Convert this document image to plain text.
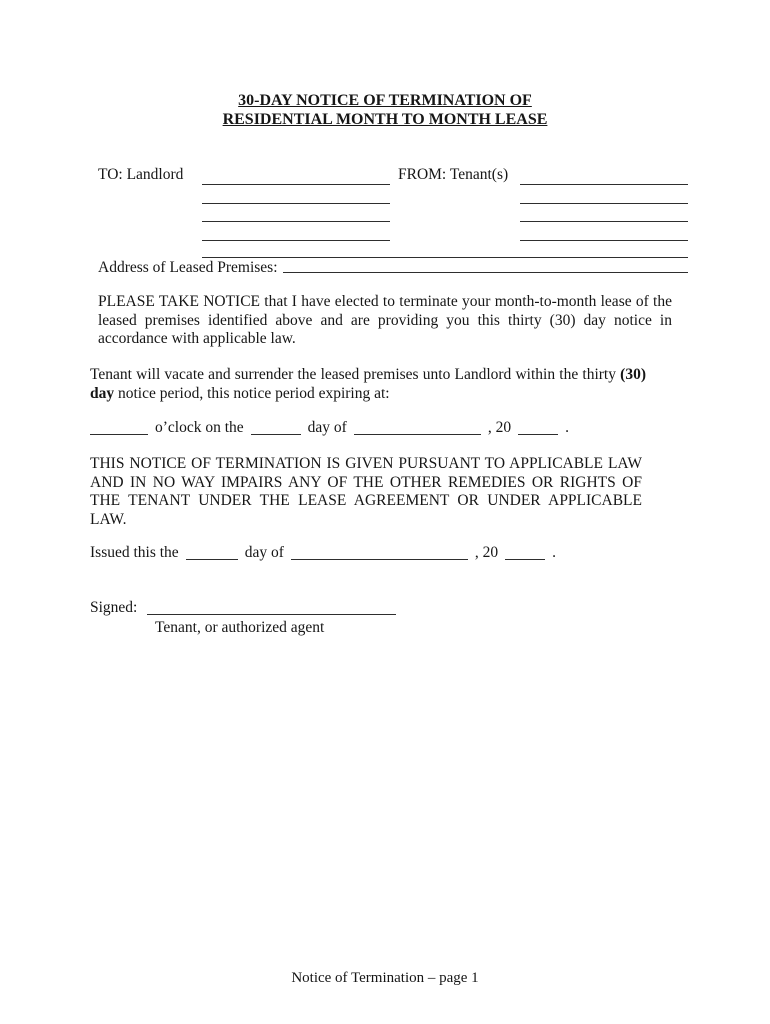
30-DAY NOTICE OF TERMINATION OF
RESIDENTIAL MONTH TO MONTH LEASE
TO: Landlord	FROM: Tenant(s)
Address of Leased Premises:

PLEASE TAKE NOTICE that I have elected to terminate your month-to-month lease of the leased premises identified above and are providing you this thirty (30) day notice in accordance with applicable law.

Tenant will vacate and surrender the leased premises unto Landlord within the thirty (30) day notice period, this notice period expiring at:

o’clock on the	day of	, 20	.

THIS NOTICE OF TERMINATION IS GIVEN PURSUANT TO APPLICABLE LAW AND IN NO WAY IMPAIRS ANY OF THE OTHER REMEDIES OR RIGHTS OF THE TENANT UNDER THE LEASE AGREEMENT OR UNDER APPLICABLE LAW.

Issued this the	day of	, 20	.
Signed:
Tenant, or authorized agent
Notice of Termination – page 1
